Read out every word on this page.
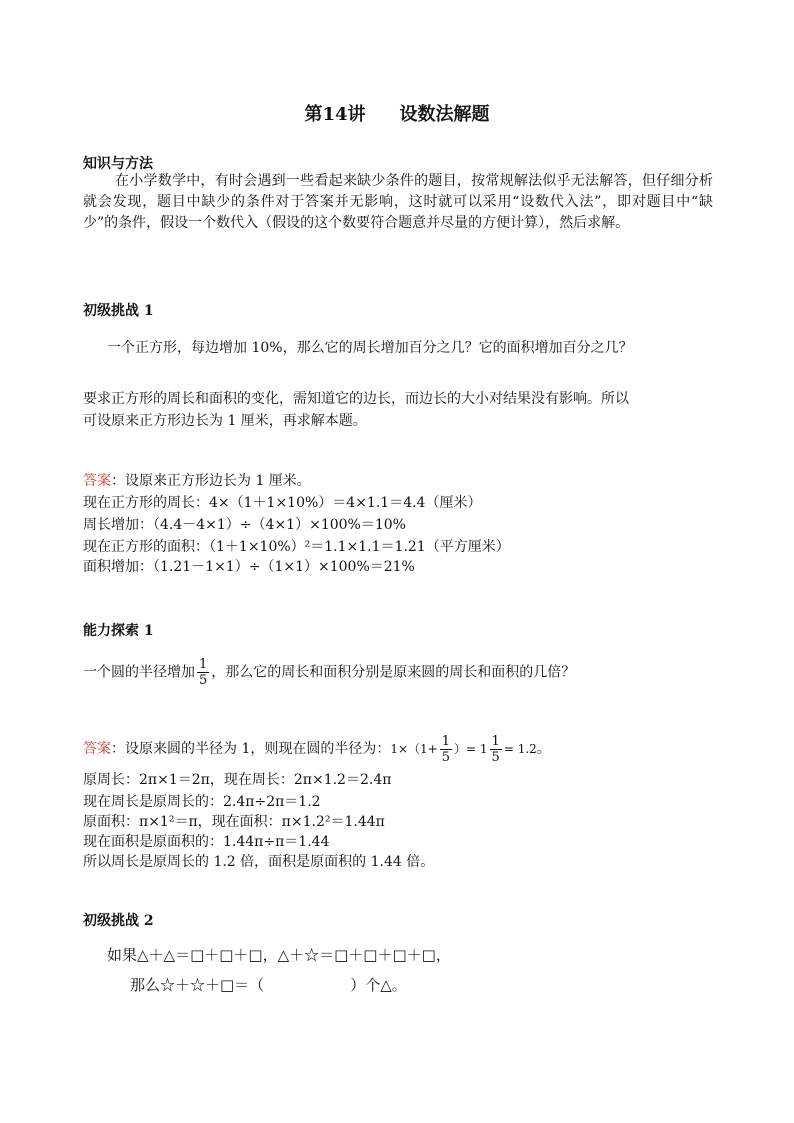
第14讲 设数法解题
知识与方法
在小学数学中，有时会遇到一些看起来缺少条件的题目，按常规解法似乎无法解答，但仔细分析就会发现，题目中缺少的条件对于答案并无影响，这时就可以采用“设数代入法”，即对题目中“缺少”的条件，假设一个数代入（假设的这个数要符合题意并尽量的方便计算），然后求解。
初级挑战 1
一个正方形，每边增加 10%，那么它的周长增加百分之几？它的面积增加百分之几？
要求正方形的周长和面积的变化，需知道它的边长，而边长的大小对结果没有影响。所以
可设原来正方形边长为 1 厘米，再求解本题。
答案：设原来正方形边长为 1 厘米。
现在正方形的周长：4×（1＋1×10%）＝4×1.1＝4.4（厘米）
周长增加：（4.4－4×1）÷（4×1）×100%＝10%
现在正方形的面积：（1＋1×10%）²＝1.1×1.1＝1.21（平方厘米）
面积增加：（1.21－1×1）÷（1×1）×100%＝21%
能力探索 1
一个圆的半径增加 $\frac{1}{5}$ ，那么它的周长和面积分别是原来圆的周长和面积的几倍？
答案：设原来圆的半径为 1，则现在圆的半径为：$1\times(1+ \frac{1}{5}$ ）= $1 \frac{1}{5} = 1.2$。
原周长：2π×1＝2π，现在周长：2π×1.2＝2.4π
现在周长是原周长的：2.4π÷2π＝1.2
原面积：π×1²＝π，现在面积：π×1.2²＝1.44π
现在面积是原面积的：1.44π÷π＝1.44
所以周长是原周长的 1.2 倍，面积是原面积的 1.44 倍。
初级挑战 2
如果△＋△＝□＋□＋□，△＋☆＝□＋□＋□＋□，
那么☆＋☆＋□＝（	）个△。
